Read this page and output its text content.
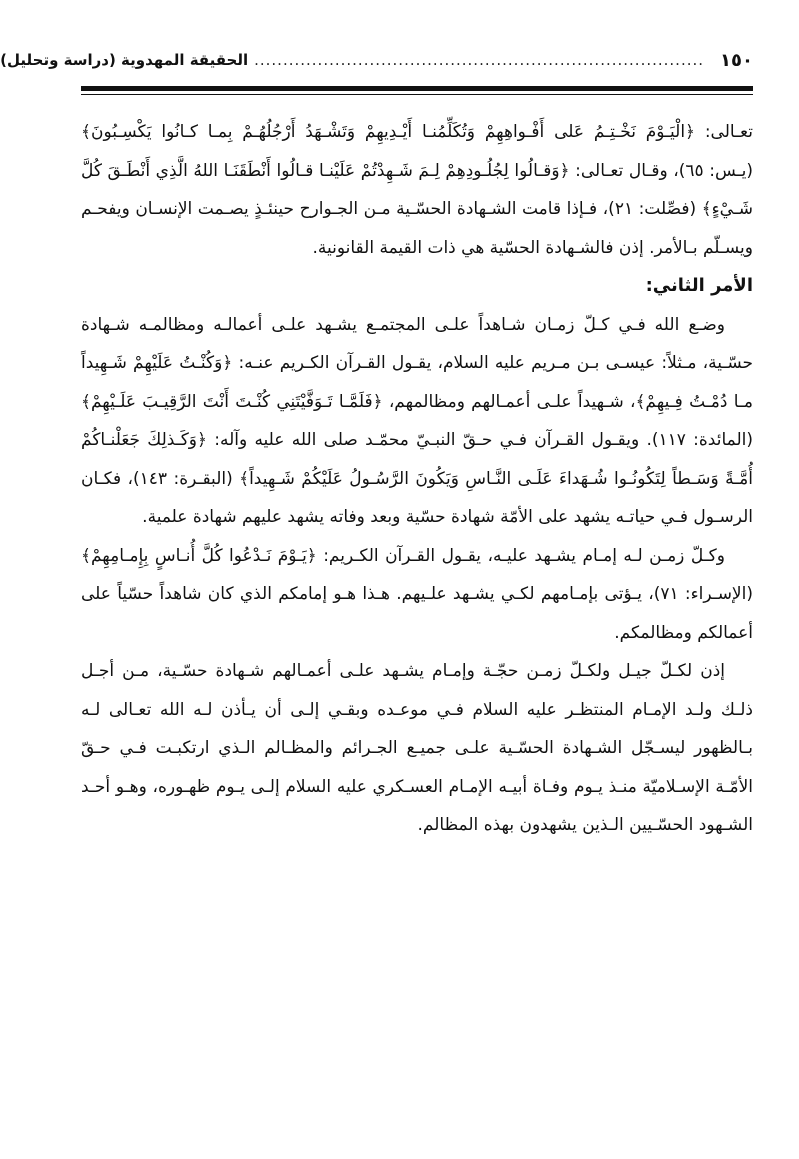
١٥٠
..............................................................................
الحقيقة المهدوية (دراسة وتحليل)

تعـالى: ﴿الْيَـوْمَ نَخْـتِـمُ عَلى أَفْـواهِهِمْ وَتُكَلِّمُنـا أَيْـدِيهِمْ وَتَشْـهَدُ أَرْجُلُهُـمْ بِمـا كـانُوا يَكْسِـبُونَ﴾ (يـس: ٦٥)، وقـال تعـالى: ﴿وَقـالُوا لِجُلُـودِهِمْ لِـمَ شَـهِدْتُمْ عَلَيْنـا قـالُوا أَنْطَقَنَـا اللهُ الَّذِي أَنْطَـقَ كُلَّ شَـيْءٍ﴾ (فصِّلت: ٢١)، فـإذا قامت الشـهادة الحسّـية مـن الجـوارح حينئـذٍ يصـمت الإنسـان ويفحـم ويسـلّم بـالأمر. إذن فالشـهادة الحسّية هي ذات القيمة القانونية.

الأمر الثاني:

وضـع الله فـي كـلّ زمـان شـاهداً علـى المجتمـع يشـهد علـى أعمالـه ومظالمـه شـهادة حسّـية، مـثلاً: عيسـى بـن مـريم عليه السلام، يقـول القـرآن الكـريم عنـه: ﴿وَكُنْـتُ عَلَيْهِمْ شَـهِيداً مـا دُمْـتُ فِـيهِمْ﴾، شـهيداً علـى أعمـالهم ومظالمهم، ﴿فَلَمَّـا تَـوَفَّيْتَنِي كُنْـتَ أَنْتَ الرَّقِيـبَ عَلَـيْهِمْ﴾ (المائدة: ١١٧). ويقـول القـرآن فـي حـقّ النبـيّ محمّـد صلى الله عليه وآله: ﴿وَكَـذلِكَ جَعَلْنـاكُمْ أُمَّـةً وَسَـطاً لِتَكُونُـوا شُـهَداءَ عَلَـى النَّـاسِ وَيَكُونَ الرَّسُـولُ عَلَيْكُمْ شَـهِيداً﴾ (البقـرة: ١٤٣)، فكـان الرسـول فـي حياتـه يشهد على الأمّة شهادة حسّية وبعد وفاته يشهد عليهم شهادة علمية.

وكـلّ زمـن لـه إمـام يشـهد عليـه، يقـول القـرآن الكـريم: ﴿يَـوْمَ نَـدْعُوا كُلَّ أُنـاسٍ بِإِمـامِهِمْ﴾ (الإسـراء: ٧١)، يـؤتى بإمـامهم لكـي يشـهد علـيهم. هـذا هـو إمامكم الذي كان شاهداً حسّياً على أعمالكم ومظالمكم.

إذن لكـلّ جيـل ولكـلّ زمـن حجّـة وإمـام يشـهد علـى أعمـالهم شـهادة حسّـية، مـن أجـل ذلـك ولـد الإمـام المنتظـر عليه السلام فـي موعـده وبقـي إلـى أن يـأذن لـه الله تعـالى لـه بـالظهور ليسـجّل الشـهادة الحسّـية علـى جميـع الجـرائم والمظـالم الـذي ارتكبـت فـي حـقّ الأمّـة الإسـلاميّة منـذ يـوم وفـاة أبيـه الإمـام العسـكري عليه السلام إلـى يـوم ظهـوره، وهـو أحـد الشـهود الحسّـيين الـذين يشهدون بهذه المظالم.
